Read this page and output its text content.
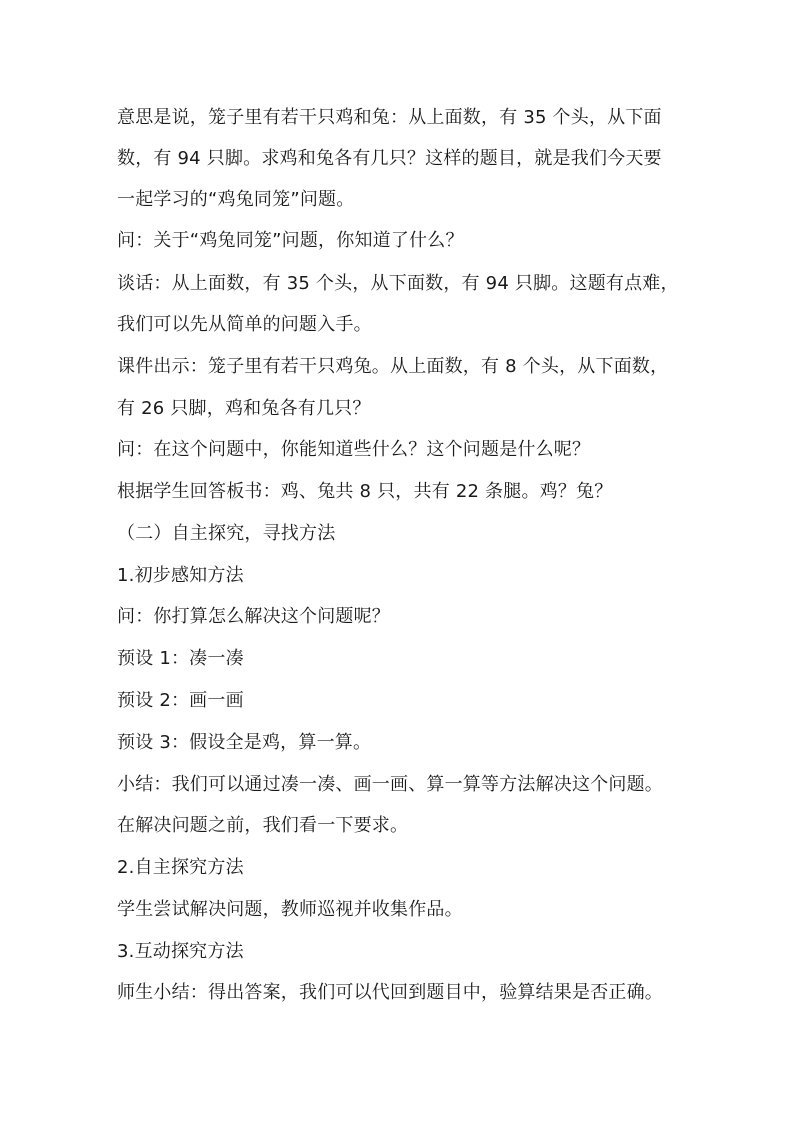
意思是说，笼子里有若干只鸡和兔：从上面数，有 35 个头，从下面
数，有 94 只脚。求鸡和兔各有几只？这样的题目，就是我们今天要
一起学习的“鸡兔同笼”问题。
问：关于“鸡兔同笼”问题，你知道了什么？
谈话：从上面数，有 35 个头，从下面数，有 94 只脚。这题有点难，
我们可以先从简单的问题入手。
课件出示：笼子里有若干只鸡兔。从上面数，有 8 个头，从下面数，
有 26 只脚，鸡和兔各有几只？
问：在这个问题中，你能知道些什么？这个问题是什么呢？
根据学生回答板书：鸡、兔共 8 只，共有 22 条腿。鸡？兔？
（二）自主探究，寻找方法
1.初步感知方法
问：你打算怎么解决这个问题呢？
预设 1：凑一凑
预设 2：画一画
预设 3：假设全是鸡，算一算。
小结：我们可以通过凑一凑、画一画、算一算等方法解决这个问题。
在解决问题之前，我们看一下要求。
2.自主探究方法
学生尝试解决问题，教师巡视并收集作品。
3.互动探究方法
师生小结：得出答案，我们可以代回到题目中，验算结果是否正确。
